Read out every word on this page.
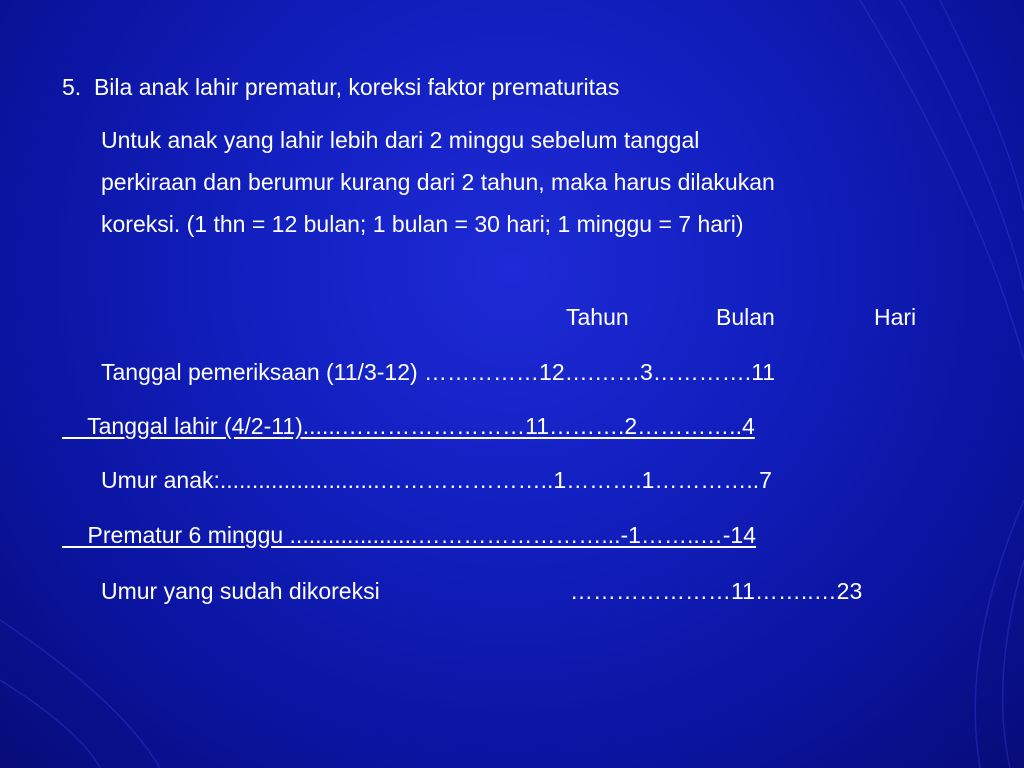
5.  Bila anak lahir prematur, koreksi faktor prematuritas
Untuk anak yang lahir lebih dari 2 minggu sebelum tanggal
perkiraan dan berumur kurang dari 2 tahun, maka harus dilakukan
koreksi. (1 thn = 12 bulan; 1 bulan = 30 hari; 1 minggu = 7 hari)
Tahun	Bulan	Hari
Tanggal pemeriksaan (11/3-12) ……………12….……3………….11
Tanggal lahir (4/2-11)......……………………11……….2…………..4
Umur anak:.........................…………………..1……….1…………..7
Prematur 6 minggu ....................……………………...-1……..…-14
Umur yang sudah dikoreksi	…………………11……..…23
